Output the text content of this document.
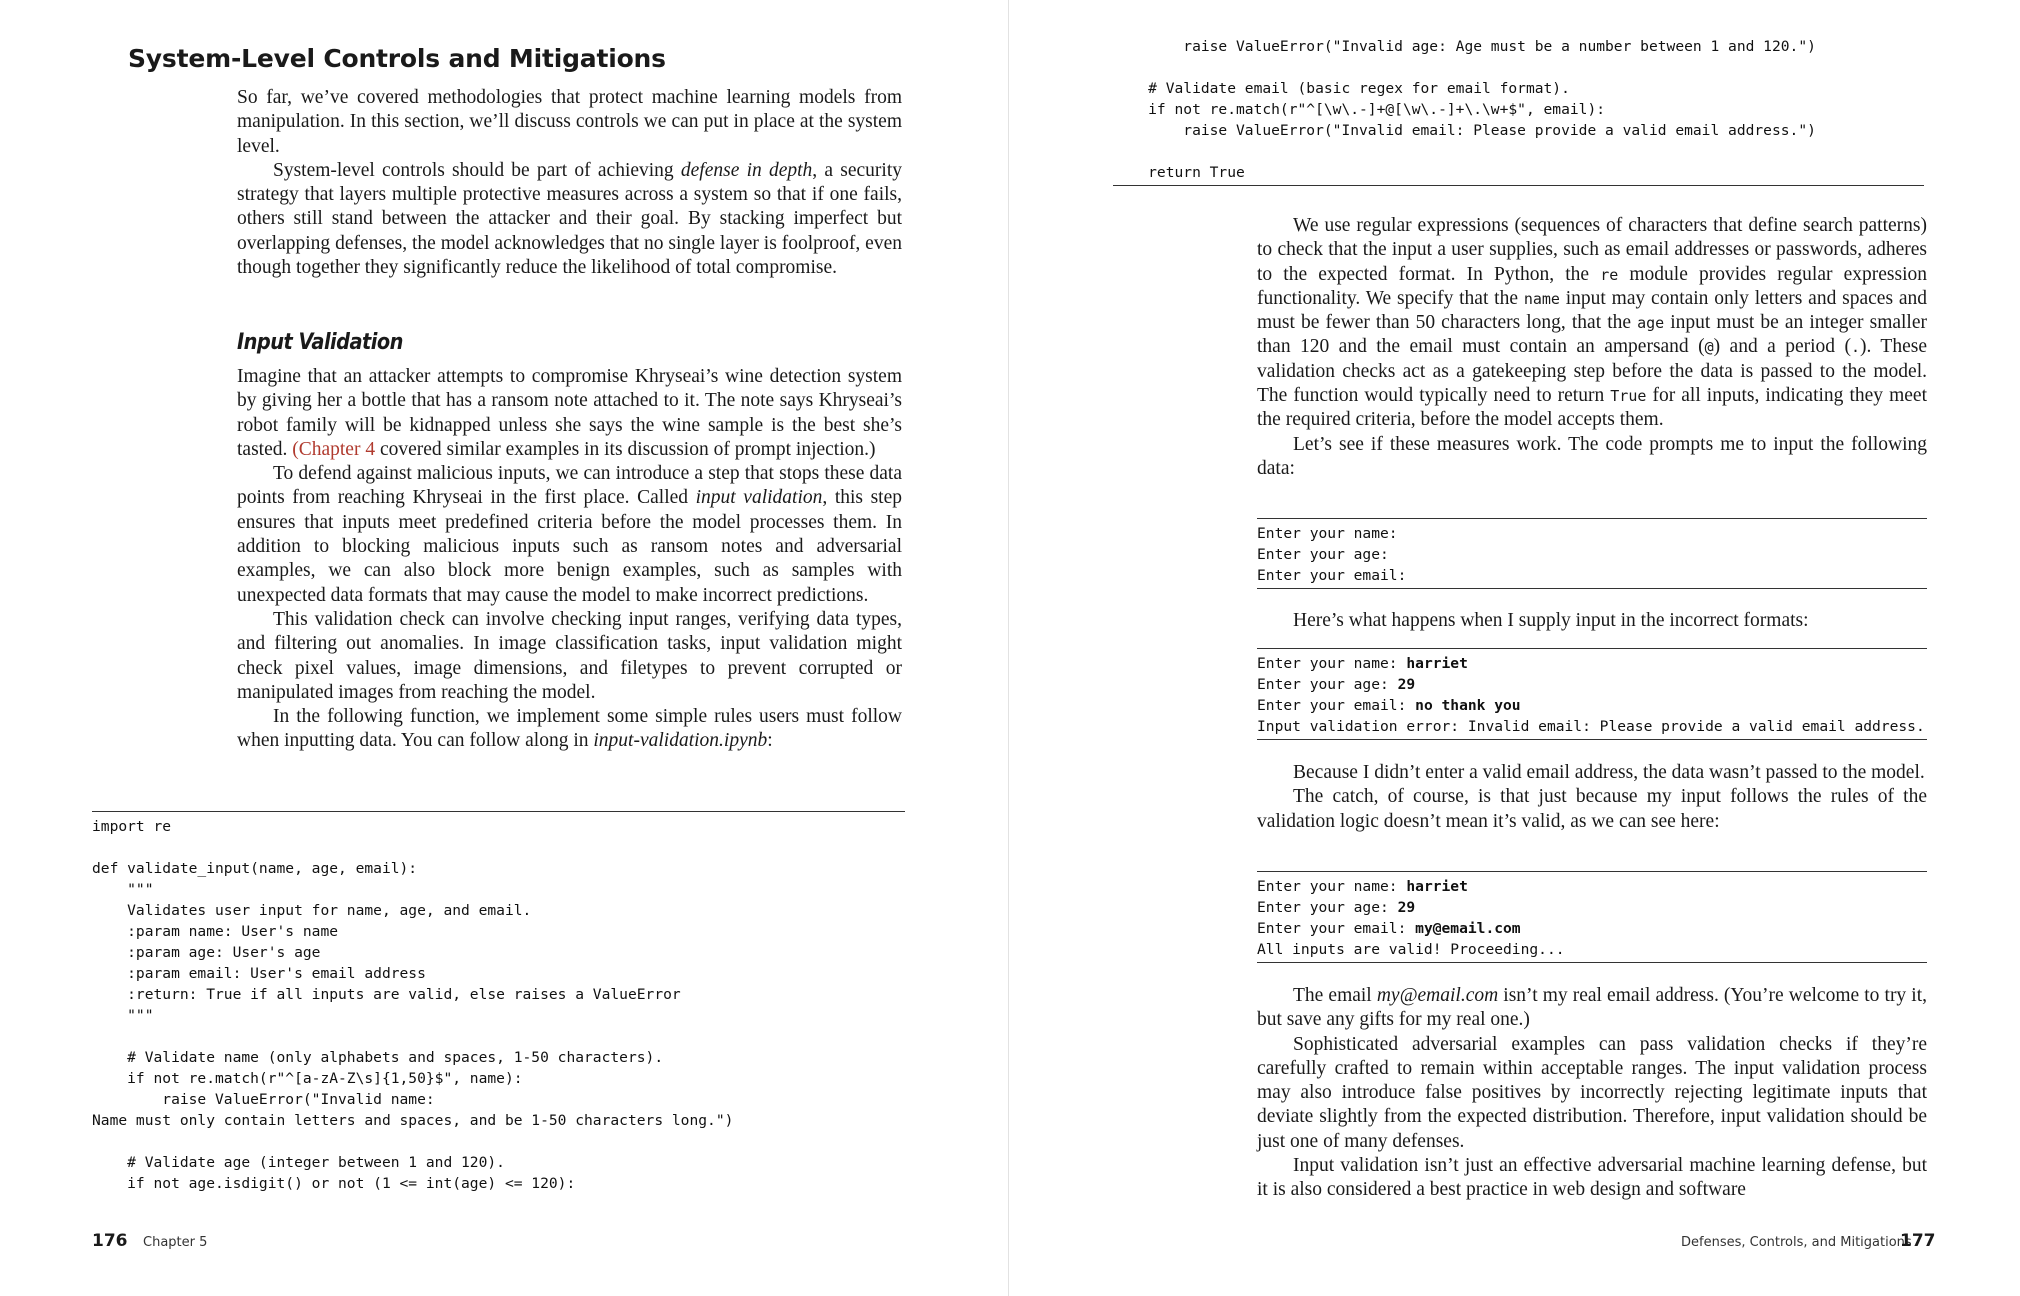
System-Level Controls and Mitigations

So far, we’ve covered methodologies that protect machine learning models from manipulation. In this section, we’ll discuss controls we can put in place at the system level.

System-level controls should be part of achieving defense in depth, a security strategy that layers multiple protective measures across a system so that if one fails, others still stand between the attacker and their goal. By stacking imperfect but overlapping defenses, the model acknowledges that no single layer is foolproof, even though together they significantly reduce the likelihood of total compromise.

Input Validation

Imagine that an attacker attempts to compromise Khryseai’s wine detection system by giving her a bottle that has a ransom note attached to it. The note says Khryseai’s robot family will be kidnapped unless she says the wine sample is the best she’s tasted. (Chapter 4 covered similar examples in its discussion of prompt injection.)

To defend against malicious inputs, we can introduce a step that stops these data points from reaching Khryseai in the first place. Called input validation, this step ensures that inputs meet predefined criteria before the model processes them. In addition to blocking malicious inputs such as ransom notes and adversarial examples, we can also block more benign examples, such as samples with unexpected data formats that may cause the model to make incorrect predictions.

This validation check can involve checking input ranges, verifying data types, and filtering out anomalies. In image classification tasks, input validation might check pixel values, image dimensions, and filetypes to prevent corrupted or manipulated images from reaching the model.

In the following function, we implement some simple rules users must follow when inputting data. You can follow along in input-validation.ipynb:

import re

def validate_input(name, age, email):
"""
Validates user input for name, age, and email.
:param name: User's name
:param age: User's age
:param email: User's email address
:return: True if all inputs are valid, else raises a ValueError
"""

# Validate name (only alphabets and spaces, 1-50 characters).
if not re.match(r"^[a-zA-Z\s]{1,50}$", name):
raise ValueError("Invalid name:
Name must only contain letters and spaces, and be 1-50 characters long.")

# Validate age (integer between 1 and 120).
if not age.isdigit() or not (1 <= int(age) <= 120):
176 Chapter 5
raise ValueError("Invalid age: Age must be a number between 1 and 120.")

# Validate email (basic regex for email format).
if not re.match(r"^[\w\.-]+@[\w\.-]+\.\w+$", email):
raise ValueError("Invalid email: Please provide a valid email address.")

return True

We use regular expressions (sequences of characters that define search patterns) to check that the input a user supplies, such as email addresses or passwords, adheres to the expected format. In Python, the re module provides regular expression functionality. We specify that the name input may contain only letters and spaces and must be fewer than 50 characters long, that the age input must be an integer smaller than 120 and the email must contain an ampersand (@) and a period (.). These validation checks act as a gatekeeping step before the data is passed to the model. The function would typically need to return True for all inputs, indicating they meet the required criteria, before the model accepts them.

Let’s see if these measures work. The code prompts me to input the following data:

Enter your name:
Enter your age:
Enter your email:

Here’s what happens when I supply input in the incorrect formats:

Enter your name: harriet
Enter your age: 29
Enter your email: no thank you
Input validation error: Invalid email: Please provide a valid email address.

Because I didn’t enter a valid email address, the data wasn’t passed to the model.

The catch, of course, is that just because my input follows the rules of the validation logic doesn’t mean it’s valid, as we can see here:

Enter your name: harriet
Enter your age: 29
Enter your email: my@email.com
All inputs are valid! Proceeding...

The email my@email.com isn’t my real email address. (You’re welcome to try it, but save any gifts for my real one.)

Sophisticated adversarial examples can pass validation checks if they’re carefully crafted to remain within acceptable ranges. The input validation process may also introduce false positives by incorrectly rejecting legitimate inputs that deviate slightly from the expected distribution. Therefore, input validation should be just one of many defenses.

Input validation isn’t just an effective adversarial machine learning defense, but it is also considered a best practice in web design and software

Defenses, Controls, and Mitigations
177
